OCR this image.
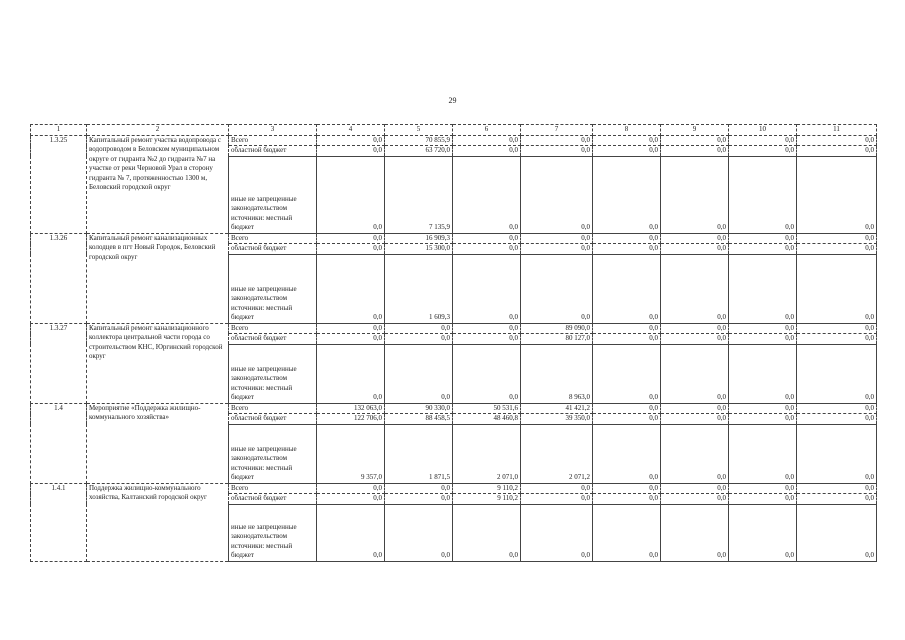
29
1	2	3	4	5	6	7	8	9	10	11
1.3.25	Капитальный ремонт участка водопровода с водопроводом в Беловском муниципальном округе от гидранта №2 до гидранта №7 на участке от реки Черновой Урал в сторону гидранта № 7, протяженностью 1300 м, Беловский городской округ	Всего	0,0	70 855,9	0,0	0,0	0,0	0,0	0,0	0,0
		областной бюджет	0,0	63 720,0	0,0	0,0	0,0	0,0	0,0	0,0
		иные не запрещенные законодательством источники: местный бюджет	0,0	7 135,9	0,0	0,0	0,0	0,0	0,0	0,0
1.3.26	Капитальный ремонт канализационных колодцев в пгт Новый Городок, Беловский городской округ	Всего	0,0	16 909,3	0,0	0,0	0,0	0,0	0,0	0,0
		областной бюджет	0,0	15 300,0	0,0	0,0	0,0	0,0	0,0	0,0
		иные не запрещенные законодательством источники: местный бюджет	0,0	1 609,3	0,0	0,0	0,0	0,0	0,0	0,0
1.3.27	Капитальный ремонт канализационного коллектора центральной части города со строительством КНС, Юргинский городской округ	Всего	0,0	0,0	0,0	89 090,0	0,0	0,0	0,0	0,0
		областной бюджет	0,0	0,0	0,0	80 127,0	0,0	0,0	0,0	0,0
		иные не запрещенные законодательством источники: местный бюджет	0,0	0,0	0,0	8 963,0	0,0	0,0	0,0	0,0
1.4	Мероприятие «Поддержка жилищно-коммунального хозяйства»	Всего	132 063,0	90 330,0	50 531,6	41 421,2	0,0	0,0	0,0	0,0
		областной бюджет	122 706,0	88 458,5	48 460,8	39 350,0	0,0	0,0	0,0	0,0
		иные не запрещенные законодательством источники: местный бюджет	9 357,0	1 871,5	2 071,0	2 071,2	0,0	0,0	0,0	0,0
1.4.1	Поддержка жилищно-коммунального хозяйства, Калтанский городской округ	Всего	0,0	0,0	9 110,2	0,0	0,0	0,0	0,0	0,0
		областной бюджет	0,0	0,0	9 110,2	0,0	0,0	0,0	0,0	0,0
		иные не запрещенные законодательством источники: местный бюджет	0,0	0,0	0,0	0,0	0,0	0,0	0,0	0,0
